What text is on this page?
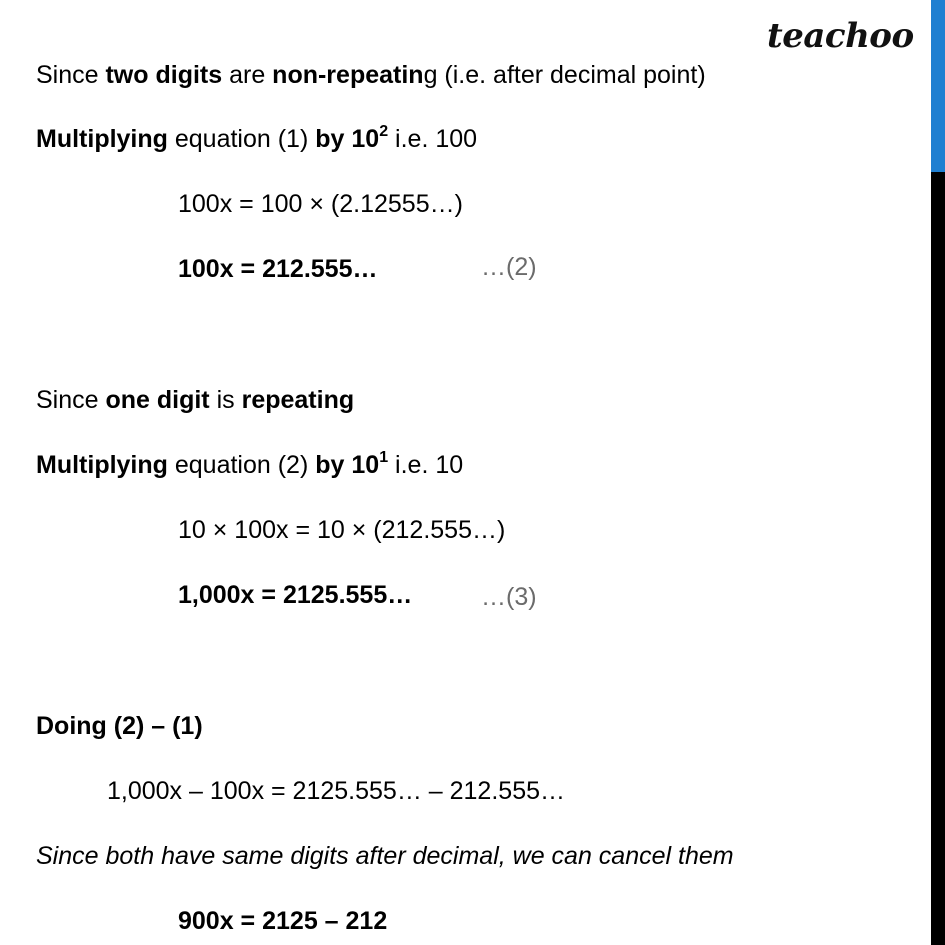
teachoo
Since two digits are non-repeating (i.e. after decimal point)
Multiplying equation (1) by $10^2$ i.e. 100
100x = 100 × (2.12555…)
100x = 212.555…	…(2)
Since one digit is repeating
Multiplying equation (2) by $10^1$ i.e. 10
10 × 100x = 10 × (212.555…)
1,000x = 2125.555…	…(3)
Doing (2) – (1)
1,000x – 100x = 2125.555… – 212.555…
Since both have same digits after decimal, we can cancel them
900x = 2125 – 212
